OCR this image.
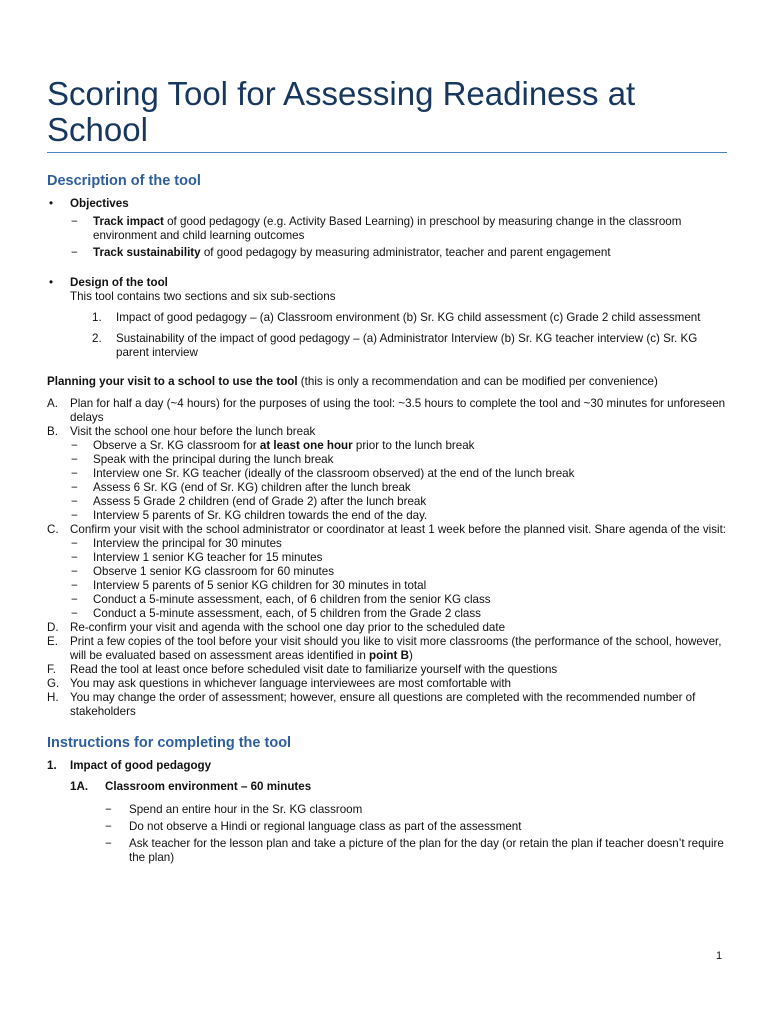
Scoring Tool for Assessing Readiness at School
Description of the tool
• Objectives
− Track impact of good pedagogy (e.g. Activity Based Learning) in preschool by measuring change in the classroom environment and child learning outcomes
− Track sustainability of good pedagogy by measuring administrator, teacher and parent engagement
• Design of the tool
This tool contains two sections and six sub-sections
1. Impact of good pedagogy – (a) Classroom environment (b) Sr. KG child assessment (c) Grade 2 child assessment
2. Sustainability of the impact of good pedagogy – (a) Administrator Interview (b) Sr. KG teacher interview (c) Sr. KG parent interview
Planning your visit to a school to use the tool (this is only a recommendation and can be modified per convenience)
A. Plan for half a day (~4 hours) for the purposes of using the tool: ~3.5 hours to complete the tool and ~30 minutes for unforeseen delays
B. Visit the school one hour before the lunch break
− Observe a Sr. KG classroom for at least one hour prior to the lunch break
− Speak with the principal during the lunch break
− Interview one Sr. KG teacher (ideally of the classroom observed) at the end of the lunch break
− Assess 6 Sr. KG (end of Sr. KG) children after the lunch break
− Assess 5 Grade 2 children (end of Grade 2) after the lunch break
− Interview 5 parents of Sr. KG children towards the end of the day.
C. Confirm your visit with the school administrator or coordinator at least 1 week before the planned visit. Share agenda of the visit:
− Interview the principal for 30 minutes
− Interview 1 senior KG teacher for 15 minutes
− Observe 1 senior KG classroom for 60 minutes
− Interview 5 parents of 5 senior KG children for 30 minutes in total
− Conduct a 5-minute assessment, each, of 6 children from the senior KG class
− Conduct a 5-minute assessment, each, of 5 children from the Grade 2 class
D. Re-confirm your visit and agenda with the school one day prior to the scheduled date
E. Print a few copies of the tool before your visit should you like to visit more classrooms (the performance of the school, however, will be evaluated based on assessment areas identified in point B)
F. Read the tool at least once before scheduled visit date to familiarize yourself with the questions
G. You may ask questions in whichever language interviewees are most comfortable with
H. You may change the order of assessment; however, ensure all questions are completed with the recommended number of stakeholders
Instructions for completing the tool
1. Impact of good pedagogy
1A. Classroom environment – 60 minutes
− Spend an entire hour in the Sr. KG classroom
− Do not observe a Hindi or regional language class as part of the assessment
− Ask teacher for the lesson plan and take a picture of the plan for the day (or retain the plan if teacher doesn’t require the plan)
1
